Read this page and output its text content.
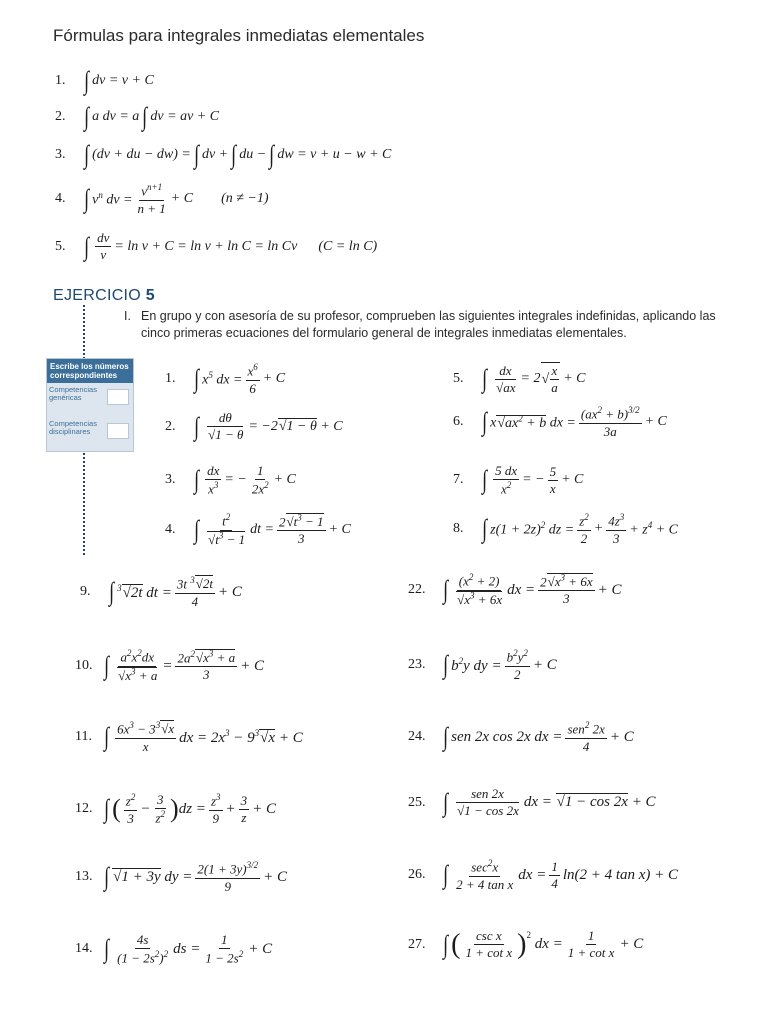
Fórmulas para integrales inmediatas elementales
1. ∫ dv = v + C
2. ∫ a dv = a ∫ dv = av + C
3. ∫ (dv + du − dw) = ∫ dv + ∫ du − ∫ dw = v + u − w + C
4. ∫ $v^n$ dv = $\frac{v^{n+1}}{n + 1} + C$        (n ≠ −1)
5. ∫ $\frac{dv}{v} = \ln v + C = \ln v + \ln C = \ln Cv$      (C = ln C)
EJERCICIO 5
I. En grupo y con asesoría de su profesor, comprueben las siguientes integrales indefinidas, aplicando las cinco primeras ecuaciones del formulario general de integrales inmediatas elementales.
Escribe los números correspondientes
Competencias genéricas
Competencias disciplinares
1. ∫ $x^5$ dx = $\frac{x^6}{6} + C$
2. ∫ dθ
√ 1 − θ = −2√ 1 − θ + C
3. ∫ $\frac{dx}{x^3}$ = − $\frac{1}{2x^2} + C$
4. ∫ $t^2$
√ $t^3 - 1$ dt = $\frac{2√ t^3 - 1}{3} + C$
5. ∫ dx
√ ax = 2
√ $\frac{x}{a} + C$
6. ∫ x√ $ax^2 + b$ dx = $\frac{(ax^2 + b)^{3/2}}{3a} + C$
7. ∫ $\frac{5 dx}{x^2}$ = − $\frac{5}{x} + C$
8. ∫ $z(1 + 2z)^2$ dz = $\frac{z^2}{2} + \frac{4z^3}{3} + z^4 + C$
9. ∫ $^3$√ 2t dt = $\frac{3t ^3√ 2t}{4} + C$
10. ∫ $a^2x^2dx$
√ $x^3 + a = \frac{2a^2√ x^3 + a}{3} + C$
11. ∫ $\frac{6x^3 - 3^3√ x}{x}$ dx = $2x^3 - 9^3√$ x + C
12. ∫ ( $\frac{z^2}{3} - \frac{3}{z^2}$ ) dz = $\frac{z^3}{9} + \frac{3}{z} + C$
13. ∫
√ 1 + 3y dy = $\frac{2(1 + 3y)^{3/2}}{9} + C$
14. ∫ $\frac{4s}{(1 - 2s^2)^2}$ ds = $\frac{1}{1 - 2s^2} + C$
22. ∫ $(x^2 + 2)$
√ $x^3 + 6x$ dx = $\frac{2√ x^3 + 6x}{3} + C$
23. ∫ $b^2y$ dy = $\frac{b^2y^2}{2} + C$
24. ∫ sen 2x cos 2x dx = $\frac{sen^2 2x}{4} + C$
25. ∫ sen 2x
√ 1 − cos 2x dx = √ 1 − cos 2x + C
26. ∫ $\frac{\sec^2x}{\text{2 + 4 tan x}}$ dx = $\frac{1}{4} \ln(2 + 4$ tan x) + C
27. ∫ ( $\frac{\text{csc x}}{\text{1 + cot x}} )^2$
dx = $\frac{1}{\text{1 + cot x}} + C$
